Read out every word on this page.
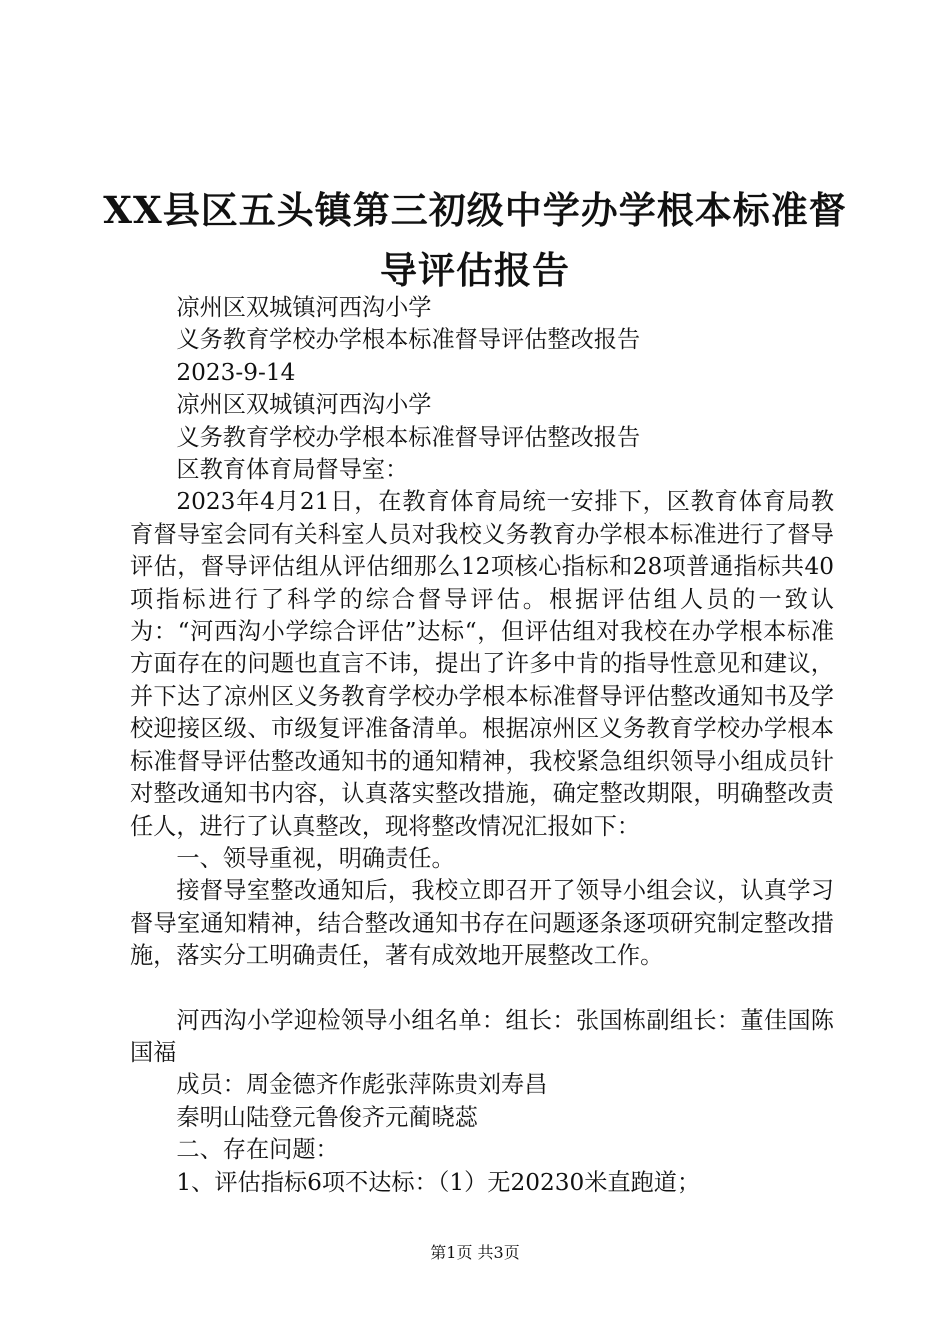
XX县区五头镇第三初级中学办学根本标准督
导评估报告

凉州区双城镇河西沟小学

义务教育学校办学根本标准督导评估整改报告

2023-9-14

凉州区双城镇河西沟小学

义务教育学校办学根本标准督导评估整改报告

区教育体育局督导室：

2023年4月21日，在教育体育局统一安排下，区教育体育局教育督导室会同有关科室人员对我校义务教育办学根本标准进行了督导评估，督导评估组从评估细那么12项核心指标和28项普通指标共40项指标进行了科学的综合督导评估。根据评估组人员的一致认为：“河西沟小学综合评估”达标“，但评估组对我校在办学根本标准方面存在的问题也直言不讳，提出了许多中肯的指导性意见和建议，并下达了凉州区义务教育学校办学根本标准督导评估整改通知书及学校迎接区级、市级复评准备清单。根据凉州区义务教育学校办学根本标准督导评估整改通知书的通知精神，我校紧急组织领导小组成员针对整改通知书内容，认真落实整改措施，确定整改期限，明确整改责任人，进行了认真整改，现将整改情况汇报如下：

一、领导重视，明确责任。

接督导室整改通知后，我校立即召开了领导小组会议，认真学习督导室通知精神，结合整改通知书存在问题逐条逐项研究制定整改措施，落实分工明确责任，著有成效地开展整改工作。

河西沟小学迎检领导小组名单：组长：张国栋副组长：董佳国陈国福

成员：周金德齐作彪张萍陈贵刘寿昌

秦明山陆登元鲁俊齐元蔺晓蕊

二、存在问题：

1、评估指标6项不达标：（1）无20230米直跑道；

第1页 共3页
